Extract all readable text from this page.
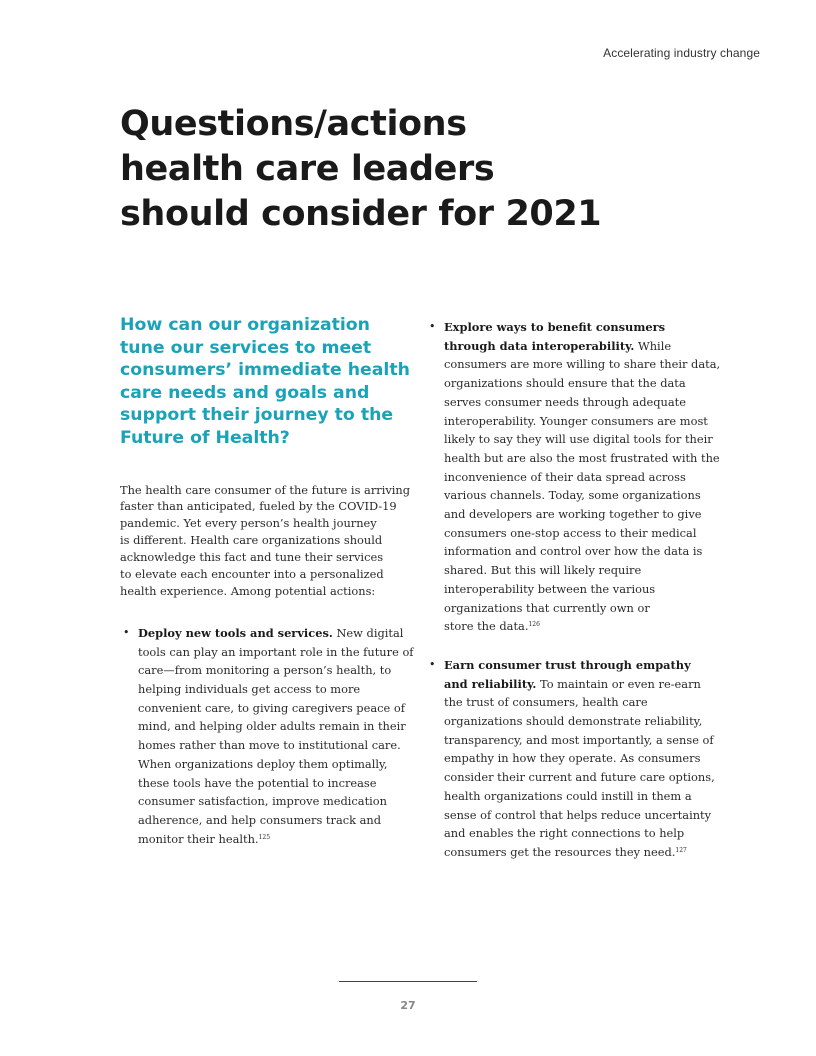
Accelerating industry change
Questions/actions
health care leaders
should consider for 2021
How can our organization
tune our services to meet
consumers’ immediate health
care needs and goals and
support their journey to the
Future of Health?

The health care consumer of the future is arriving
faster than anticipated, fueled by the COVID-19
pandemic. Yet every person’s health journey
is different. Health care organizations should
acknowledge this fact and tune their services
to elevate each encounter into a personalized
health experience. Among potential actions:

• Deploy new tools and services. New digital
tools can play an important role in the future of
care—from monitoring a person’s health, to
helping individuals get access to more
convenient care, to giving caregivers peace of
mind, and helping older adults remain in their
homes rather than move to institutional care.
When organizations deploy them optimally,
these tools have the potential to increase
consumer satisfaction, improve medication
adherence, and help consumers track and
monitor their health.$^{125}$
• Explore ways to benefit consumers
through data interoperability. While
consumers are more willing to share their data,
organizations should ensure that the data
serves consumer needs through adequate
interoperability. Younger consumers are most
likely to say they will use digital tools for their
health but are also the most frustrated with the
inconvenience of their data spread across
various channels. Today, some organizations
and developers are working together to give
consumers one-stop access to their medical
information and control over how the data is
shared. But this will likely require
interoperability between the various
organizations that currently own or
store the data.$^{126}$
• Earn consumer trust through empathy
and reliability. To maintain or even re-earn
the trust of consumers, health care
organizations should demonstrate reliability,
transparency, and most importantly, a sense of
empathy in how they operate. As consumers
consider their current and future care options,
health organizations could instill in them a
sense of control that helps reduce uncertainty
and enables the right connections to help
consumers get the resources they need.$^{127}$
27
